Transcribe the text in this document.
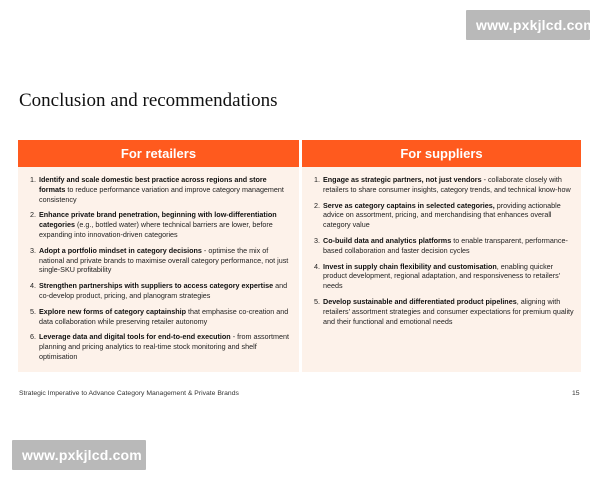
www.pxkjlcd.com
Conclusion and recommendations
For retailers
1. Identify and scale domestic best practice across regions and store formats to reduce performance variation and improve category management consistency
2. Enhance private brand penetration, beginning with low-differentiation categories (e.g., bottled water) where technical barriers are lower, before expanding into innovation-driven categories
3. Adopt a portfolio mindset in category decisions - optimise the mix of national and private brands to maximise overall category performance, not just single-SKU profitability
4. Strengthen partnerships with suppliers to access category expertise and co-develop product, pricing, and planogram strategies
5. Explore new forms of category captainship that emphasise co-creation and data collaboration while preserving retailer autonomy
6. Leverage data and digital tools for end-to-end execution - from assortment planning and pricing analytics to real-time stock monitoring and shelf optimisation
For suppliers
1. Engage as strategic partners, not just vendors - collaborate closely with retailers to share consumer insights, category trends, and technical know-how
2. Serve as category captains in selected categories, providing actionable advice on assortment, pricing, and merchandising that enhances overall category value
3. Co-build data and analytics platforms to enable transparent, performance-based collaboration and faster decision cycles
4. Invest in supply chain flexibility and customisation, enabling quicker product development, regional adaptation, and responsiveness to retailers' needs
5. Develop sustainable and differentiated product pipelines, aligning with retailers' assortment strategies and consumer expectations for premium quality and their functional and emotional needs
Strategic Imperative to Advance Category Management & Private Brands	15
www.pxkjlcd.com
